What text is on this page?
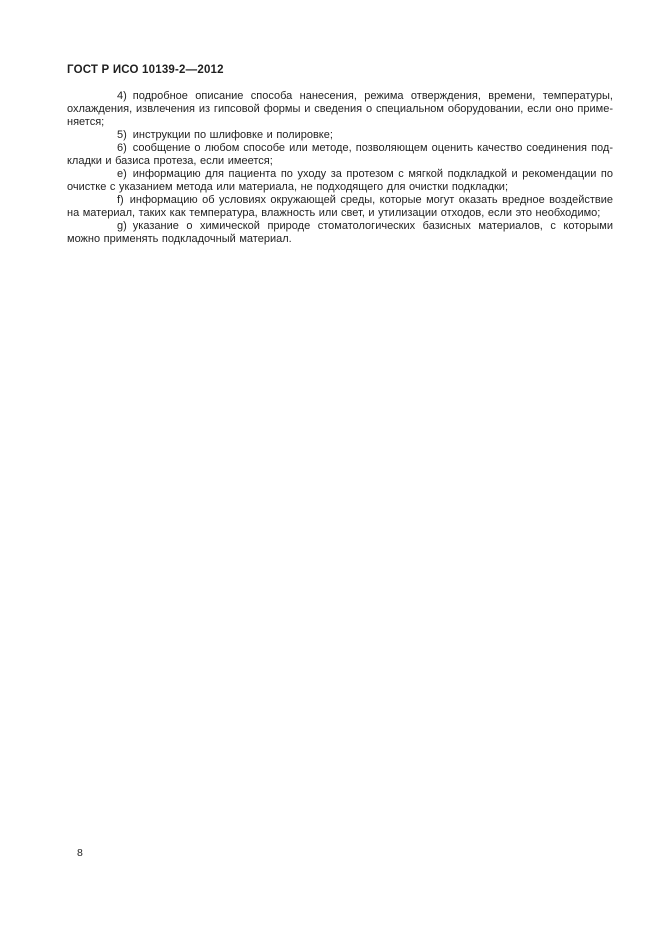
ГОСТ Р ИСО 10139-2—2012

4) подробное описание способа нанесения, режима отверждения, времени, температуры, охлаждения, извлечения из гипсовой формы и сведения о специальном оборудовании, если оно применяется;

5) инструкции по шлифовке и полировке;

6) сообщение о любом способе или методе, позволяющем оценить качество соединения подкладки и базиса протеза, если имеется;

e) информацию для пациента по уходу за протезом с мягкой подкладкой и рекомендации по очистке с указанием метода или материала, не подходящего для очистки подкладки;

f) информацию об условиях окружающей среды, которые могут оказать вредное воздействие на материал, таких как температура, влажность или свет, и утилизации отходов, если это необходимо;

g) указание о химической природе стоматологических базисных материалов, с которыми можно применять подкладочный материал.

8
